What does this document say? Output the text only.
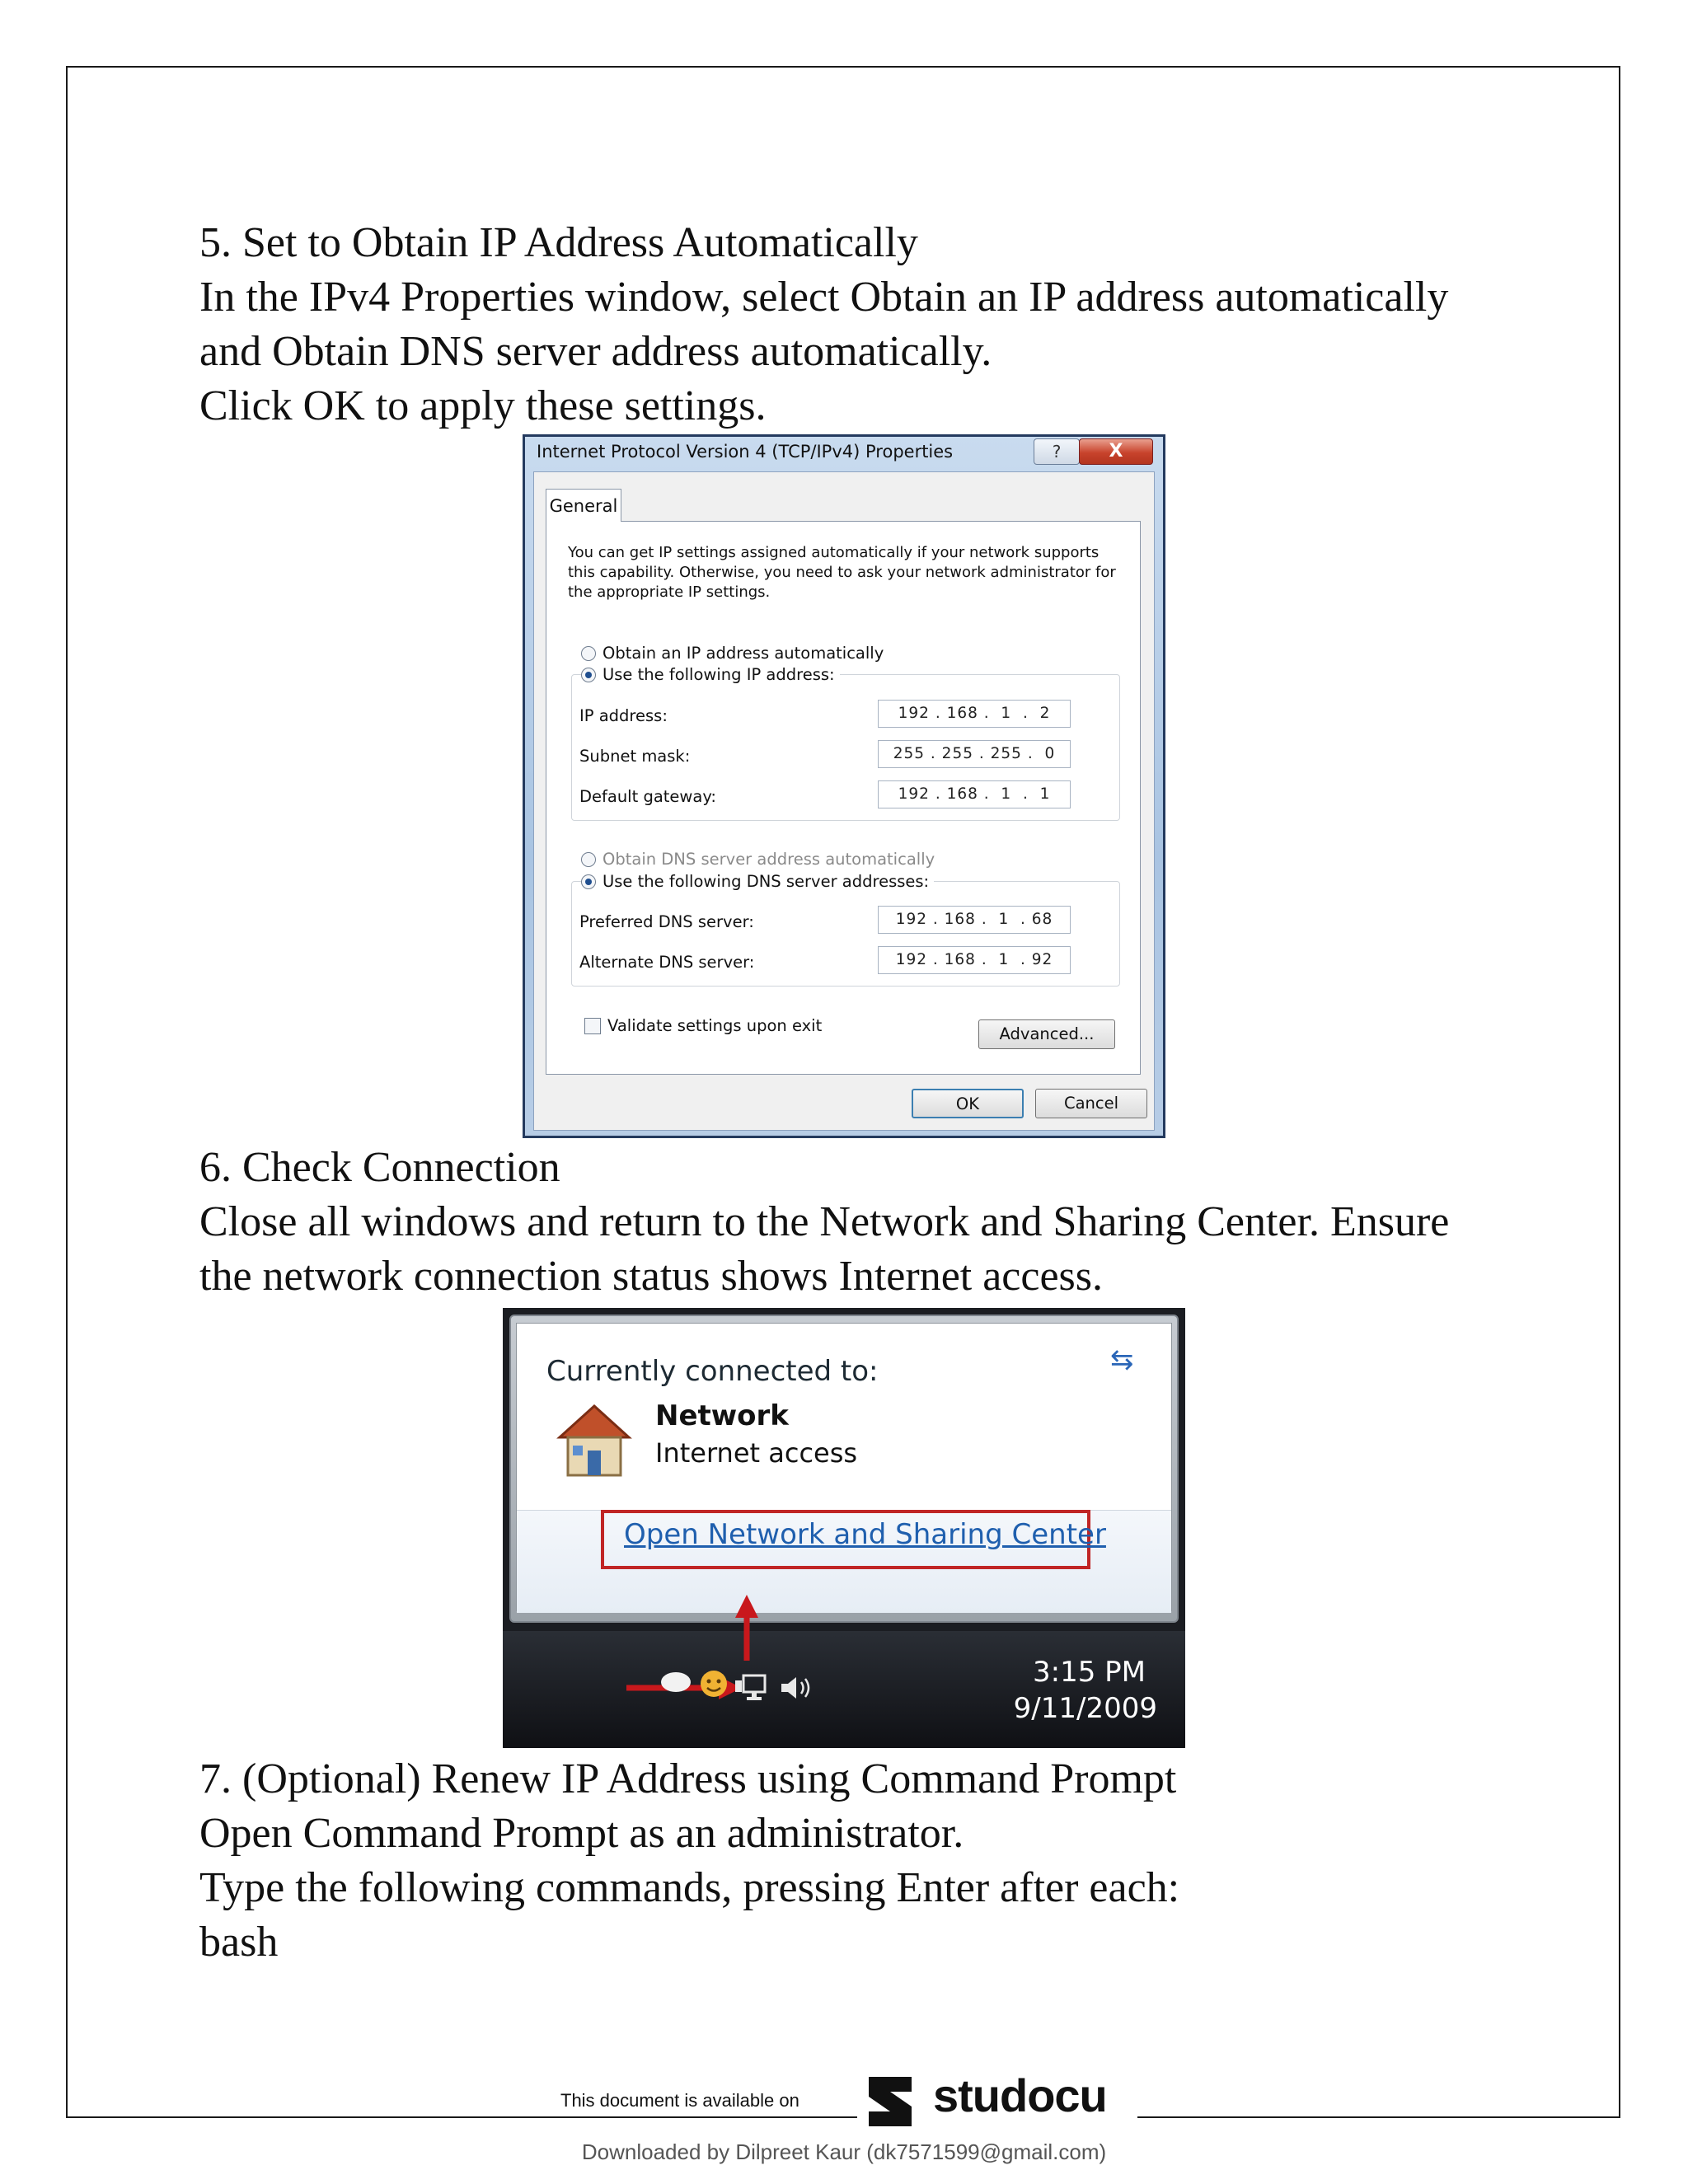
5. Set to Obtain IP Address Automatically
In the IPv4 Properties window, select Obtain an IP address automatically
and Obtain DNS server address automatically.
Click OK to apply these settings.
Internet Protocol Version 4 (TCP/IPv4) Properties	?	X
General
You can get IP settings assigned automatically if your network supports this capability. Otherwise, you need to ask your network administrator for the appropriate IP settings.
Obtain an IP address automatically
Use the following IP address:
IP address:	192 . 168 .  1  .  2
Subnet mask:	255 . 255 . 255 .  0
Default gateway:	192 . 168 .  1  .  1
Obtain DNS server address automatically
Use the following DNS server addresses:
Preferred DNS server:	192 . 168 .  1  . 68
Alternate DNS server:	192 . 168 .  1  . 92
Validate settings upon exit	Advanced...
OK	Cancel
6. Check Connection
Close all windows and return to the Network and Sharing Center. Ensure
the network connection status shows Internet access.
Currently connected to:	⇆
Network
Internet access
Open Network and Sharing Center
3:15 PM
9/11/2009
7. (Optional) Renew IP Address using Command Prompt
Open Command Prompt as an administrator.
Type the following commands, pressing Enter after each:
bash
This document is available on	studocu
Downloaded by Dilpreet Kaur (dk7571599@gmail.com)
